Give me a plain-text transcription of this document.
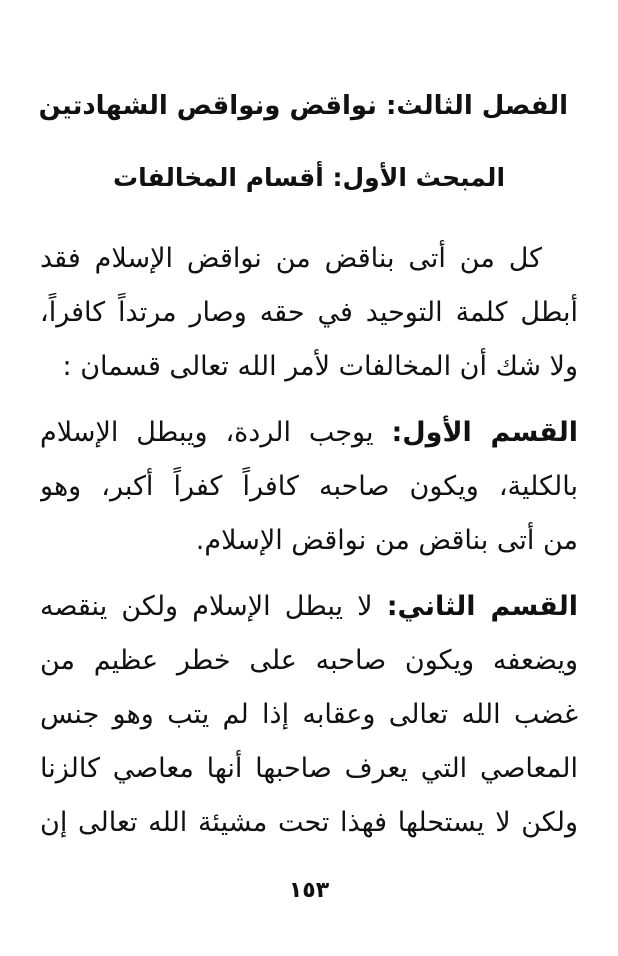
الفصل الثالث: نواقض ونواقص الشهادتين
المبحث الأول: أقسام المخالفات
كل من أتى بناقض من نواقض الإسلام فقد
أبطل كلمة التوحيد في حقه وصار مرتداً كافراً،
ولا شك أن المخالفات لأمر الله تعالى قسمان :
القسم الأول: يوجب الردة، ويبطل الإسلام
بالكلية، ويكون صاحبه كافراً كفراً أكبر، وهو
من أتى بناقض من نواقض الإسلام.
القسم الثاني: لا يبطل الإسلام ولكن ينقصه
ويضعفه ويكون صاحبه على خطر عظيم من
غضب الله تعالى وعقابه إذا لم يتب وهو جنس
المعاصي التي يعرف صاحبها أنها معاصي كالزنا
ولكن لا يستحلها فهذا تحت مشيئة الله تعالى إن
١٥٣
